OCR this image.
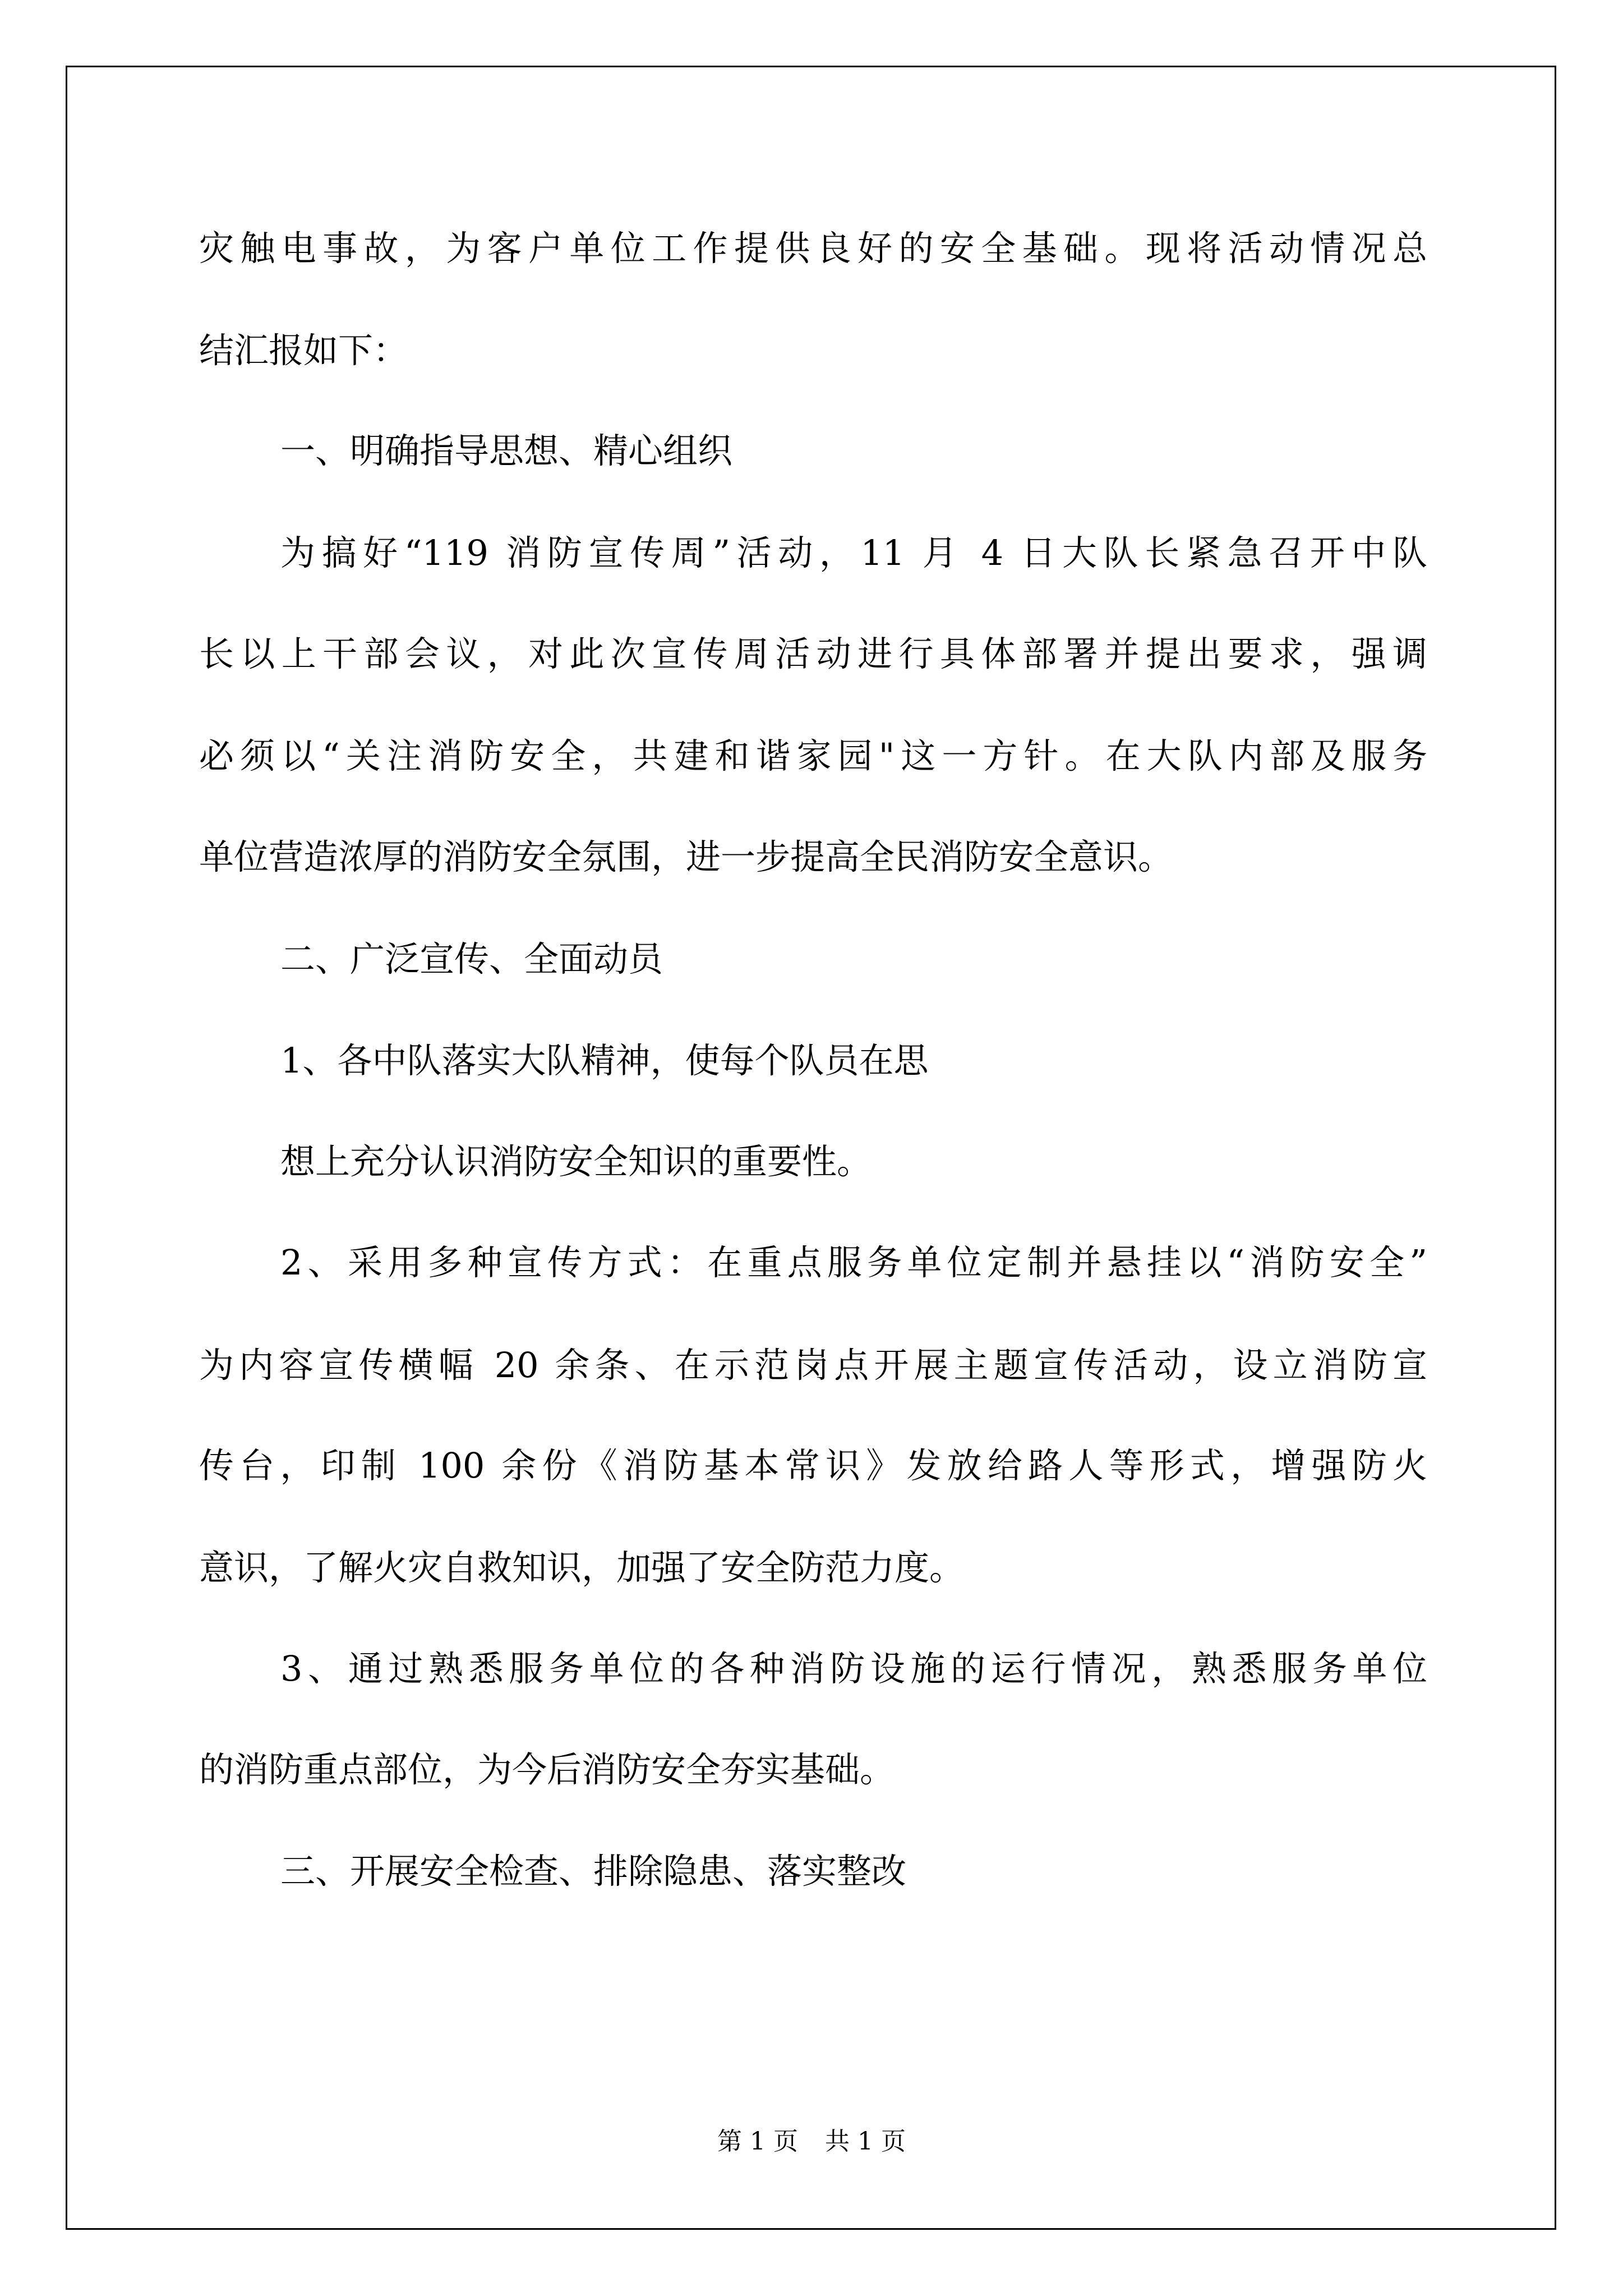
灾触电事故，为客户单位工作提供良好的安全基础。现将活动情况总

结汇报如下：

一、明确指导思想、精心组织

为搞好“119 消防宣传周”活动，11 月 4 日大队长紧急召开中队

长以上干部会议，对此次宣传周活动进行具体部署并提出要求，强调

必须以“关注消防安全，共建和谐家园"这一方针。在大队内部及服务

单位营造浓厚的消防安全氛围，进一步提高全民消防安全意识。

二、广泛宣传、全面动员

1、各中队落实大队精神，使每个队员在思

想上充分认识消防安全知识的重要性。

2、采用多种宣传方式：在重点服务单位定制并悬挂以“消防安全”

为内容宣传横幅 20 余条、在示范岗点开展主题宣传活动，设立消防宣

传台，印制 100 余份《消防基本常识》发放给路人等形式，增强防火

意识，了解火灾自救知识，加强了安全防范力度。

3、通过熟悉服务单位的各种消防设施的运行情况，熟悉服务单位

的消防重点部位，为今后消防安全夯实基础。

三、开展安全检查、排除隐患、落实整改

第 1 页 共 1 页
